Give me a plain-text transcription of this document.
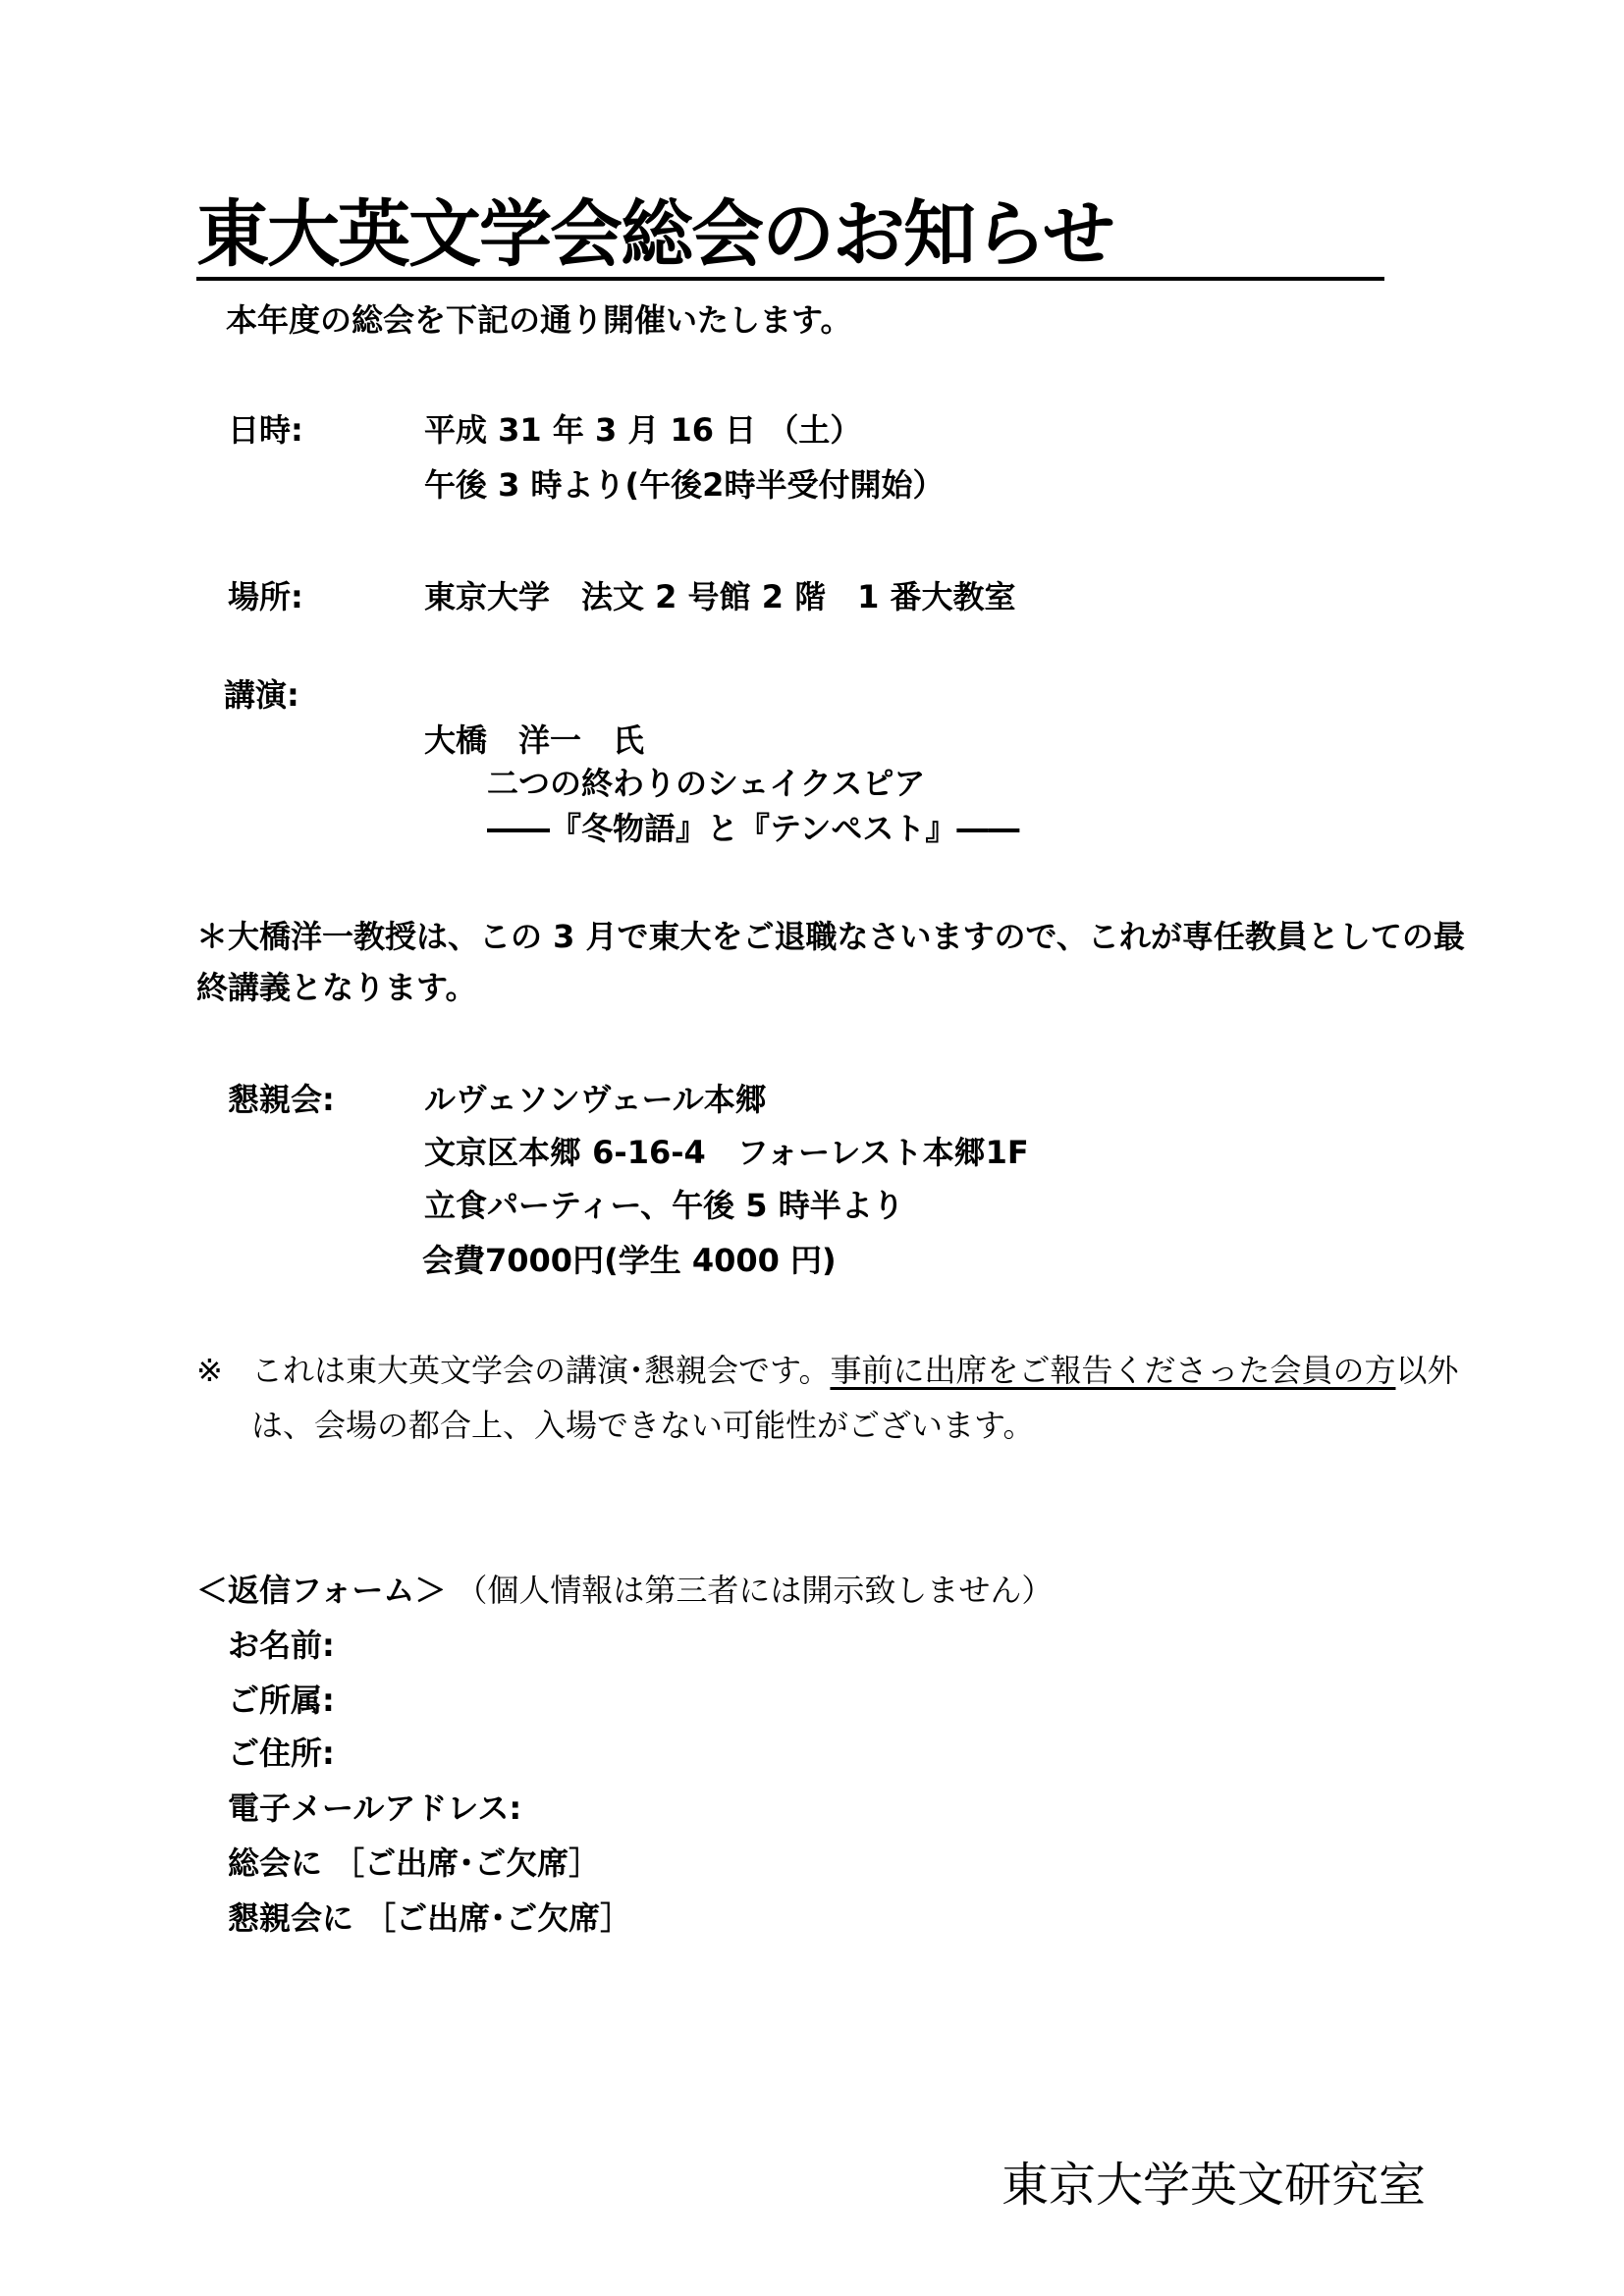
東大英文学会総会のお知らせ
本年度の総会を下記の通り開催いたします。
日時:	平成 31 年 3 月 16 日 （土）
午後 3 時より(午後2時半受付開始）
場所:	東京大学　法文 2 号館 2 階　1 番大教室
講演:
大橋　洋一　氏
二つの終わりのシェイクスピア
――『冬物語』と『テンペスト』――
＊大橋洋一教授は、この 3 月で東大をご退職なさいますので、これが専任教員としての最
終講義となります。
懇親会:	ルヴェソンヴェール本郷
文京区本郷 6-16-4　フォーレスト本郷1F
立食パーティー、午後 5 時半より
会費7000円(学生 4000 円)
※ これは東大英文学会の講演･懇親会です。事前に出席をご報告くださった会員の方以外
は、会場の都合上、入場できない可能性がございます。
＜返信フォーム＞ （個人情報は第三者には開示致しません）
お名前:
ご所属:
ご住所:
電子メールアドレス:
総会に ［ご出席･ご欠席］
懇親会に ［ご出席･ご欠席］
東京大学英文研究室
